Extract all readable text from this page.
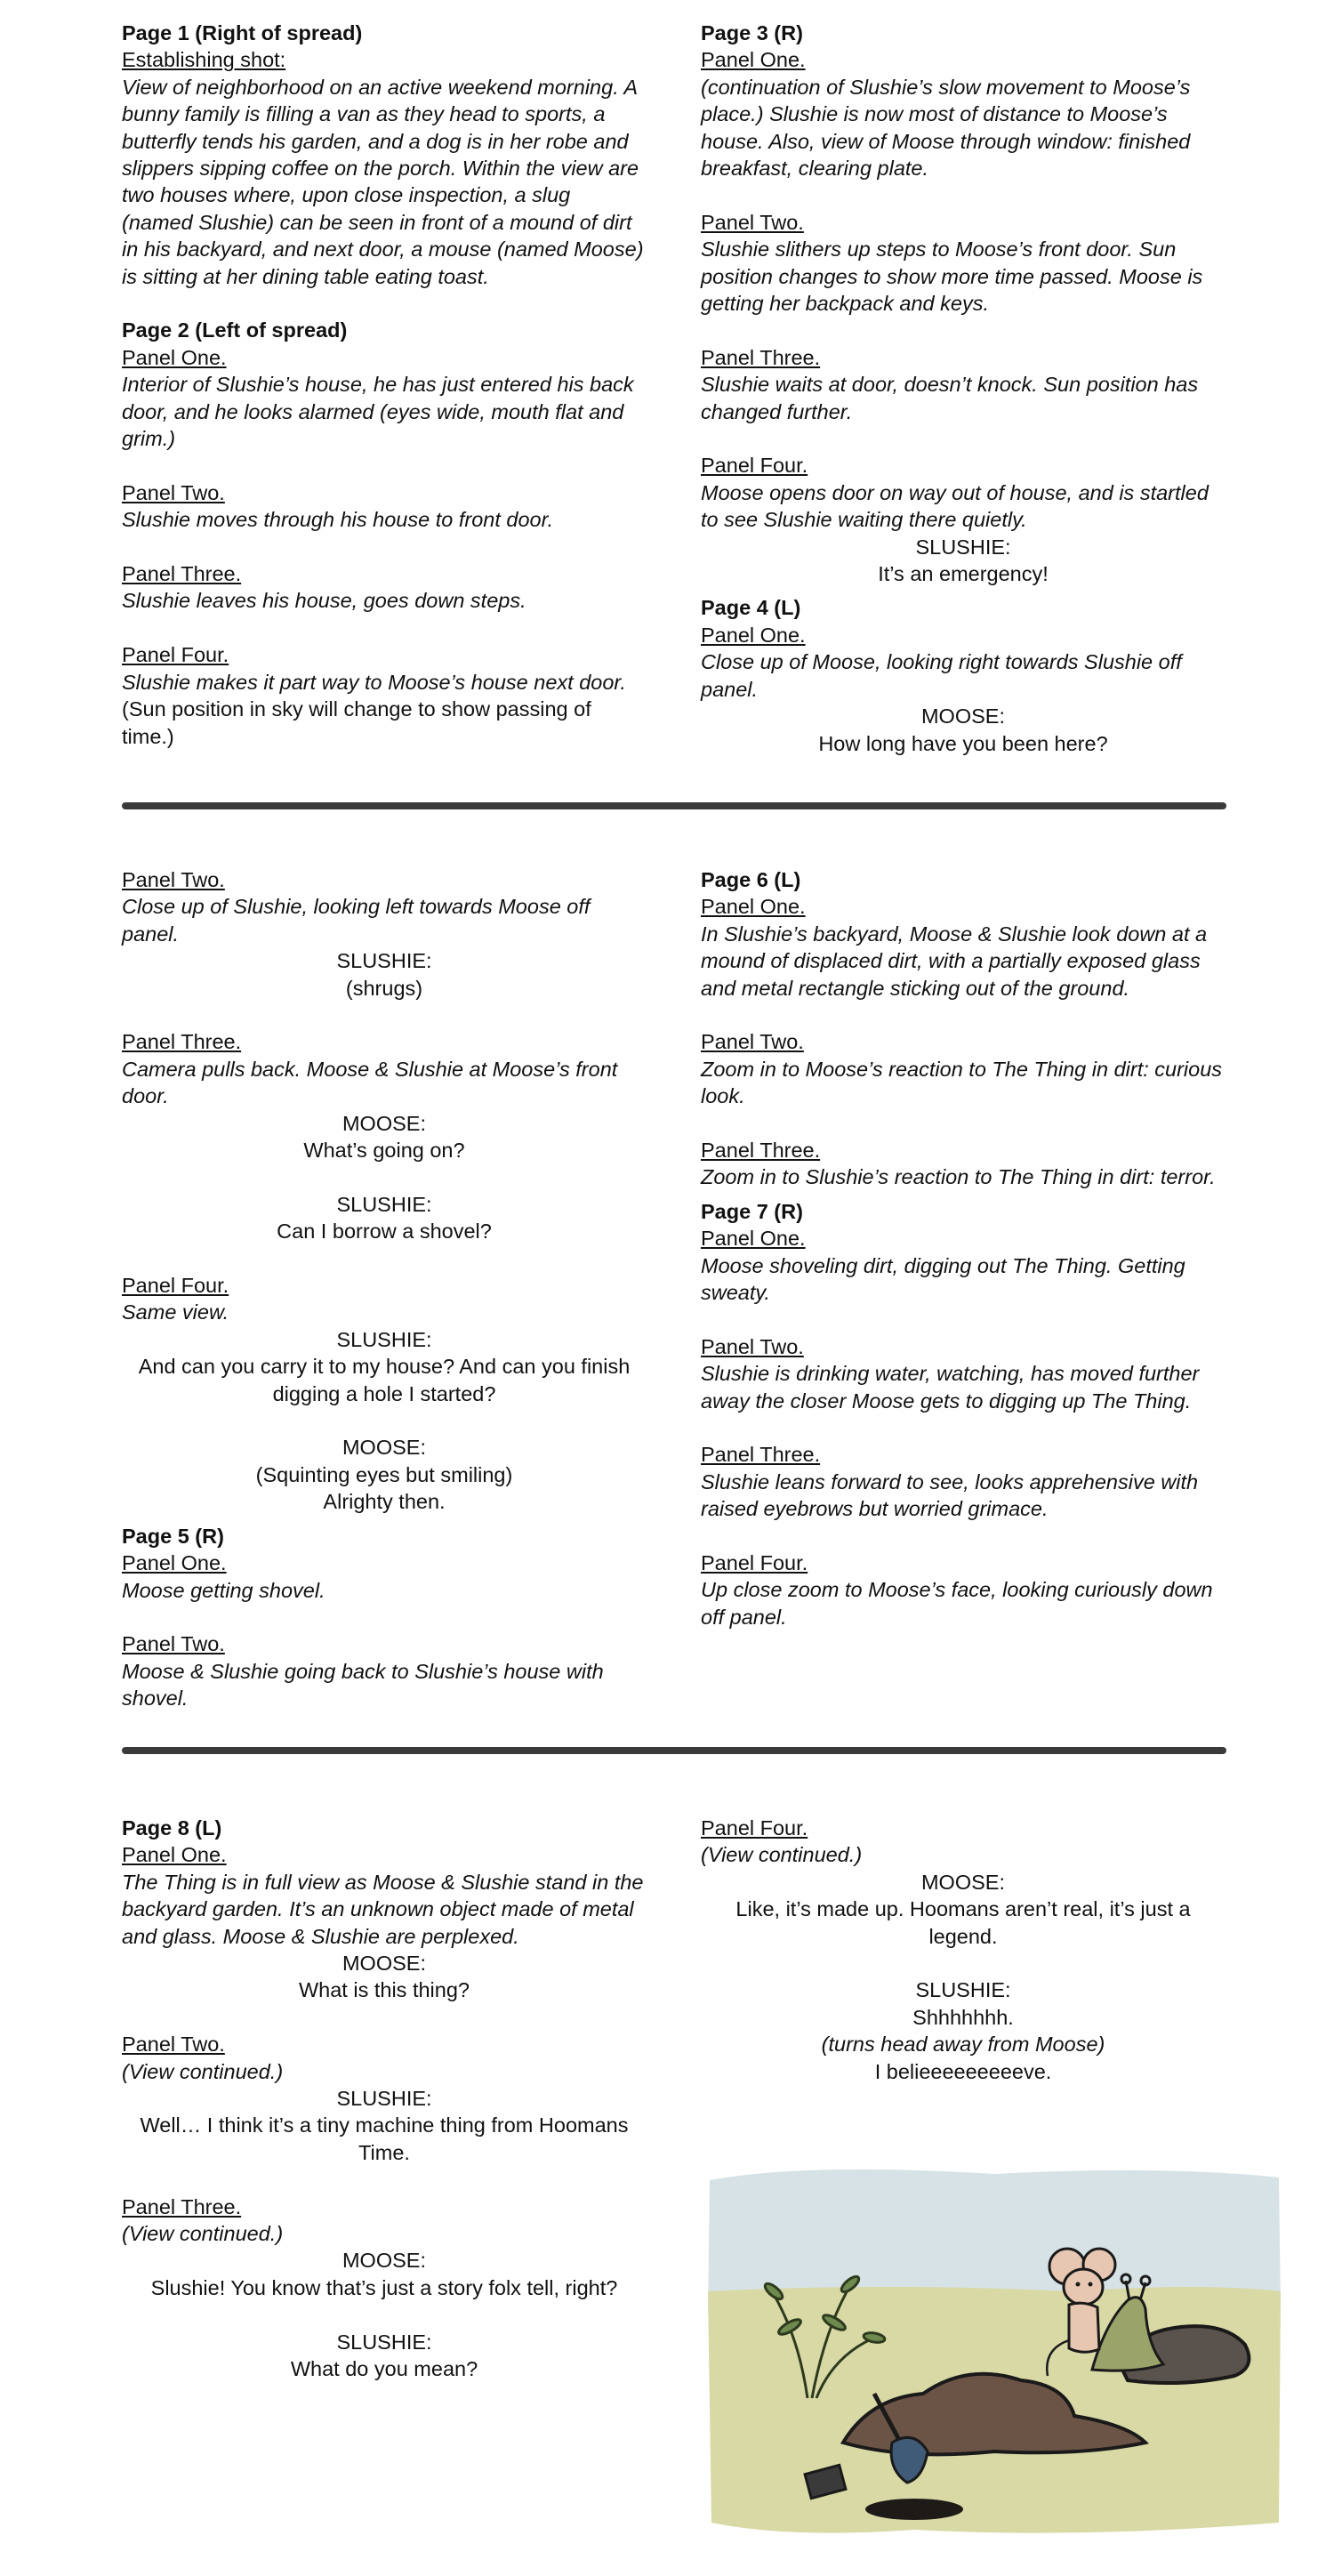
Page 1 (Right of spread)
Establishing shot:
View of neighborhood on an active weekend morning. A bunny family is filling a van as they head to sports, a butterfly tends his garden, and a dog is in her robe and slippers sipping coffee on the porch. Within the view are two houses where, upon close inspection, a slug (named Slushie) can be seen in front of a mound of dirt in his backyard, and next door, a mouse (named Moose) is sitting at her dining table eating toast.
Page 2 (Left of spread)
Panel One.
Interior of Slushie’s house, he has just entered his back door, and he looks alarmed (eyes wide, mouth flat and grim.)
Panel Two.
Slushie moves through his house to front door.
Panel Three.
Slushie leaves his house, goes down steps.
Panel Four.
Slushie makes it part way to Moose’s house next door.
(Sun position in sky will change to show passing of time.)
Page 3 (R)
Panel One.
(continuation of Slushie’s slow movement to Moose’s place.) Slushie is now most of distance to Moose’s house. Also, view of Moose through window: finished breakfast, clearing plate.
Panel Two.
Slushie slithers up steps to Moose’s front door. Sun position changes to show more time passed. Moose is getting her backpack and keys.
Panel Three.
Slushie waits at door, doesn’t knock. Sun position has changed further.
Panel Four.
Moose opens door on way out of house, and is startled to see Slushie waiting there quietly.
SLUSHIE:
It’s an emergency!
Page 4 (L)
Panel One.
Close up of Moose, looking right towards Slushie off panel.
MOOSE:
How long have you been here?
Panel Two.
Close up of Slushie, looking left towards Moose off panel.
SLUSHIE:
(shrugs)
Panel Three.
Camera pulls back. Moose & Slushie at Moose’s front door.
MOOSE:
What’s going on?
SLUSHIE:
Can I borrow a shovel?
Panel Four.
Same view.
SLUSHIE:
And can you carry it to my house? And can you finish digging a hole I started?
MOOSE:
(Squinting eyes but smiling)
Alrighty then.
Page 5 (R)
Panel One.
Moose getting shovel.
Panel Two.
Moose & Slushie going back to Slushie’s house with shovel.
Page 6 (L)
Panel One.
In Slushie’s backyard, Moose & Slushie look down at a mound of displaced dirt, with a partially exposed glass and metal rectangle sticking out of the ground.
Panel Two.
Zoom in to Moose’s reaction to The Thing in dirt: curious look.
Panel Three.
Zoom in to Slushie’s reaction to The Thing in dirt: terror.
Page 7 (R)
Panel One.
Moose shoveling dirt, digging out The Thing. Getting sweaty.
Panel Two.
Slushie is drinking water, watching, has moved further away the closer Moose gets to digging up The Thing.
Panel Three.
Slushie leans forward to see, looks apprehensive with raised eyebrows but worried grimace.
Panel Four.
Up close zoom to Moose’s face, looking curiously down off panel.
Page 8 (L)
Panel One.
The Thing is in full view as Moose & Slushie stand in the backyard garden. It’s an unknown object made of metal and glass. Moose & Slushie are perplexed.
MOOSE:
What is this thing?
Panel Two.
(View continued.)
SLUSHIE:
Well… I think it’s a tiny machine thing from Hoomans Time.
Panel Three.
(View continued.)
MOOSE:
Slushie! You know that’s just a story folx tell, right?
SLUSHIE:
What do you mean?
Panel Four.
(View continued.)
MOOSE:
Like, it’s made up. Hoomans aren’t real, it’s just a legend.
SLUSHIE:
Shhhhhhh.
(turns head away from Moose)
I belieeeeeeeeeve.
